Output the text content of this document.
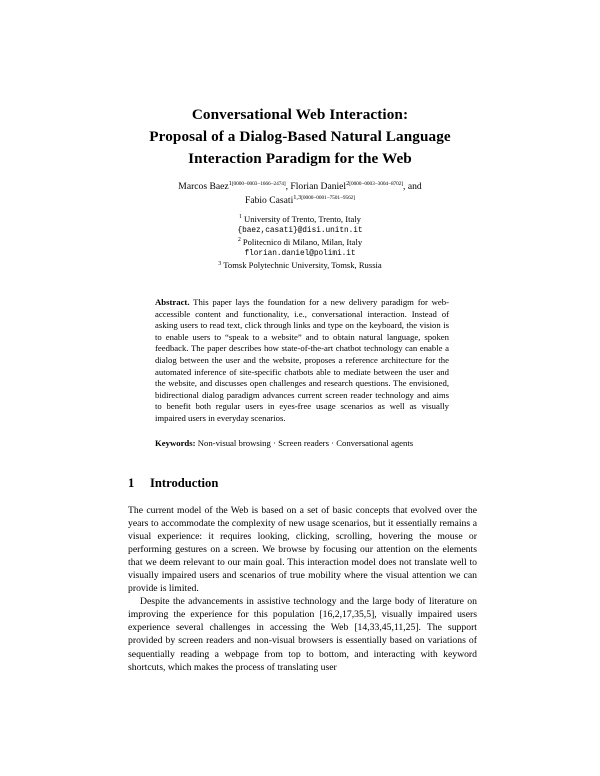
Conversational Web Interaction:
Proposal of a Dialog-Based Natural Language
Interaction Paradigm for the Web
Marcos Baez$^{1[0000-0003-1666-2474]}$, Florian Daniel$^{2[0000-0003-3004-8702]}$, and
Fabio Casati$^{1,3[0000-0001-7501-9562]}$
$^1$ University of Trento, Trento, Italy
{baez,casati}@disi.unitn.it
$^2$ Politecnico di Milano, Milan, Italy
florian.daniel@polimi.it
$^3$ Tomsk Polytechnic University, Tomsk, Russia
Abstract. This paper lays the foundation for a new delivery paradigm for web-accessible content and functionality, i.e., conversational interaction. Instead of asking users to read text, click through links and type on the keyboard, the vision is to enable users to “speak to a website” and to obtain natural language, spoken feedback. The paper describes how state-of-the-art chatbot technology can enable a dialog between the user and the website, proposes a reference architecture for the automated inference of site-specific chatbots able to mediate between the user and the website, and discusses open challenges and research questions. The envisioned, bidirectional dialog paradigm advances current screen reader technology and aims to benefit both regular users in eyes-free usage scenarios as well as visually impaired users in everyday scenarios.
Keywords: Non-visual browsing · Screen readers · Conversational agents
1 Introduction

The current model of the Web is based on a set of basic concepts that evolved over the years to accommodate the complexity of new usage scenarios, but it essentially remains a visual experience: it requires looking, clicking, scrolling, hovering the mouse or performing gestures on a screen. We browse by focusing our attention on the elements that we deem relevant to our main goal. This interaction model does not translate well to visually impaired users and scenarios of true mobility where the visual attention we can provide is limited.

Despite the advancements in assistive technology and the large body of literature on improving the experience for this population [16,2,17,35,5], visually impaired users experience several challenges in accessing the Web [14,33,45,11,25]. The support provided by screen readers and non-visual browsers is essentially based on variations of sequentially reading a webpage from top to bottom, and interacting with keyword shortcuts, which makes the process of translating user
